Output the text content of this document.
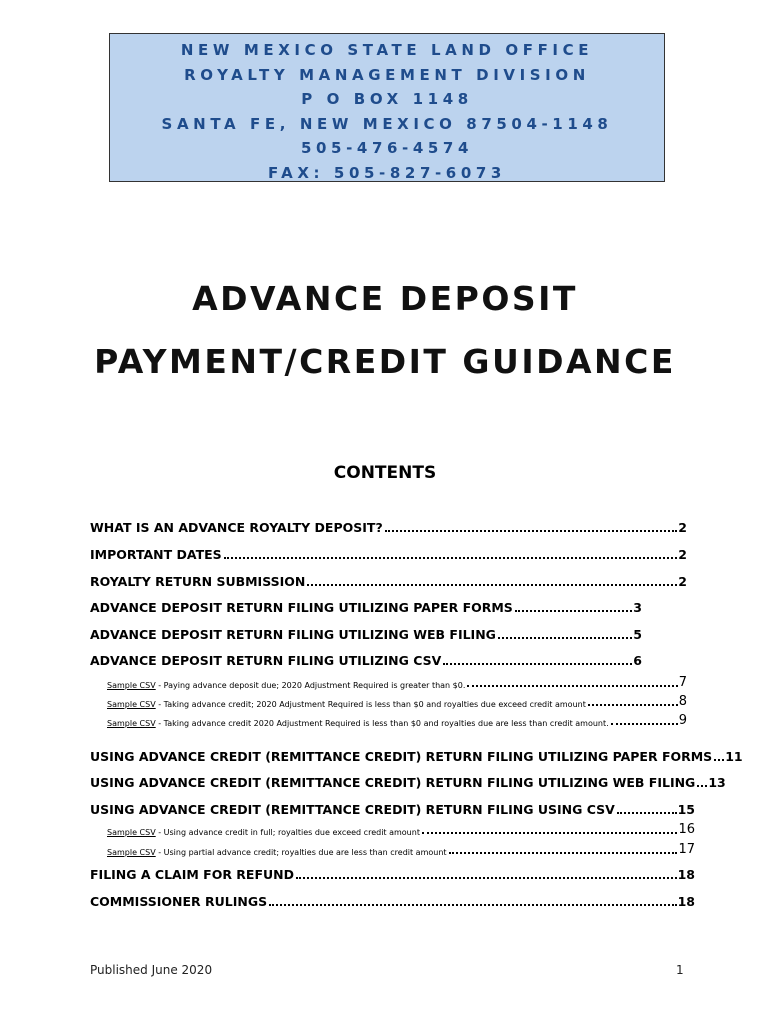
NEW MEXICO STATE LAND OFFICE
ROYALTY MANAGEMENT DIVISION
P O BOX 1148
SANTA FE, NEW MEXICO 87504-1148
505-476-4574
FAX: 505-827-6073
ADVANCE DEPOSIT
PAYMENT/CREDIT GUIDANCE
CONTENTS
WHAT IS AN ADVANCE ROYALTY DEPOSIT?	2
IMPORTANT DATES	2
ROYALTY RETURN SUBMISSION	2
ADVANCE DEPOSIT RETURN FILING UTILIZING PAPER FORMS	3
ADVANCE DEPOSIT RETURN FILING UTILIZING WEB FILING	5
ADVANCE DEPOSIT RETURN FILING UTILIZING CSV	6
Sample CSV - Paying advance deposit due; 2020 Adjustment Required is greater than $0.	7
Sample CSV - Taking advance credit; 2020 Adjustment Required is less than $0 and royalties due exceed credit amount	8
Sample CSV - Taking advance credit 2020 Adjustment Required is less than $0 and royalties due are less than credit amount.	9
USING ADVANCE CREDIT (REMITTANCE CREDIT) RETURN FILING UTILIZING PAPER FORMS 11
USING ADVANCE CREDIT (REMITTANCE CREDIT) RETURN FILING UTILIZING WEB FILING 13
USING ADVANCE CREDIT (REMITTANCE CREDIT) RETURN FILING USING CSV	15
Sample CSV - Using advance credit in full; royalties due exceed credit amount	16
Sample CSV - Using partial advance credit; royalties due are less than credit amount	17
FILING A CLAIM FOR REFUND	18
COMMISSIONER RULINGS	18
Published June 2020	1
